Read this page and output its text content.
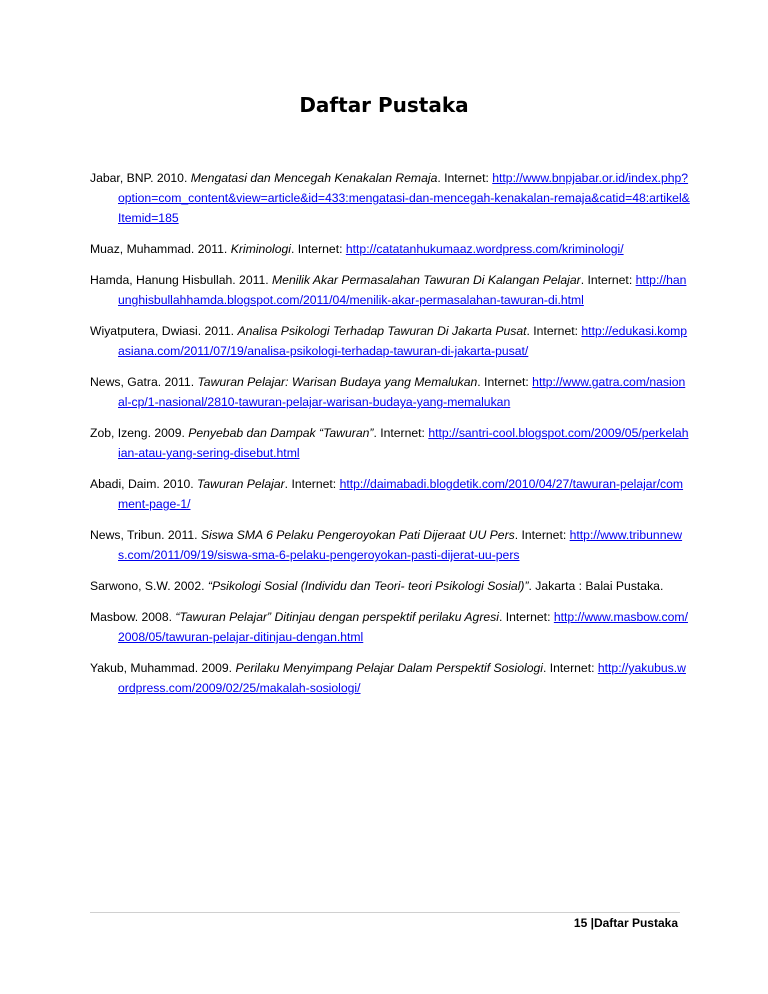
Daftar Pustaka
Jabar, BNP. 2010. Mengatasi dan Mencegah Kenakalan Remaja. Internet: http://www.bnpjabar.or.id/index.php?option=com_content&view=article&id=433:mengatasi-dan-mencegah-kenakalan-remaja&catid=48:artikel&Itemid=185
Muaz, Muhammad. 2011. Kriminologi. Internet: http://catatanhukumaaz.wordpress.com/kriminologi/
Hamda, Hanung Hisbullah. 2011. Menilik Akar Permasalahan Tawuran Di Kalangan Pelajar. Internet: http://hanunghisbullahhamda.blogspot.com/2011/04/menilik-akar-permasalahan-tawuran-di.html
Wiyatputera, Dwiasi. 2011. Analisa Psikologi Terhadap Tawuran Di Jakarta Pusat. Internet: http://edukasi.kompasiana.com/2011/07/19/analisa-psikologi-terhadap-tawuran-di-jakarta-pusat/
News, Gatra. 2011. Tawuran Pelajar: Warisan Budaya yang Memalukan. Internet: http://www.gatra.com/nasional-cp/1-nasional/2810-tawuran-pelajar-warisan-budaya-yang-memalukan
Zob, Izeng. 2009. Penyebab dan Dampak “Tawuran”. Internet: http://santri-cool.blogspot.com/2009/05/perkelahian-atau-yang-sering-disebut.html
Abadi, Daim. 2010. Tawuran Pelajar. Internet: http://daimabadi.blogdetik.com/2010/04/27/tawuran-pelajar/comment-page-1/
News, Tribun. 2011. Siswa SMA 6 Pelaku Pengeroyokan Pati Dijeraat UU Pers. Internet: http://www.tribunnews.com/2011/09/19/siswa-sma-6-pelaku-pengeroyokan-pasti-dijerat-uu-pers
Sarwono, S.W. 2002. “Psikologi Sosial (Individu dan Teori- teori Psikologi Sosial)”. Jakarta : Balai Pustaka.
Masbow. 2008. “Tawuran Pelajar” Ditinjau dengan perspektif perilaku Agresi. Internet: http://www.masbow.com/2008/05/tawuran-pelajar-ditinjau-dengan.html
Yakub, Muhammad. 2009. Perilaku Menyimpang Pelajar Dalam Perspektif Sosiologi. Internet: http://yakubus.wordpress.com/2009/02/25/makalah-sosiologi/
15 |Daftar Pustaka
